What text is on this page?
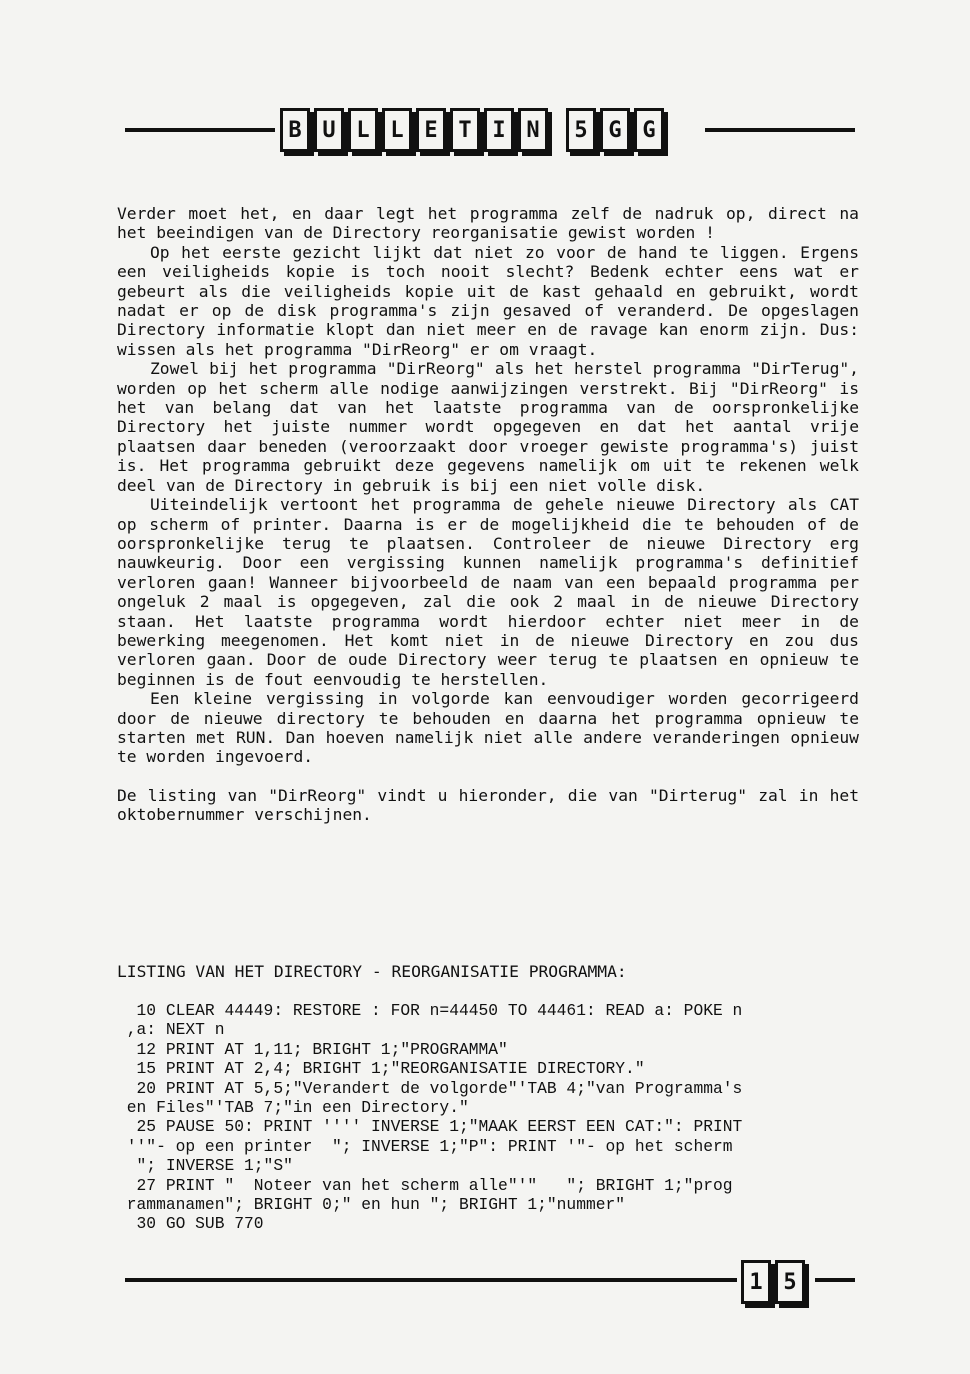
B U L L E T I N	5 G G

Verder moet het, en daar legt het programma zelf de nadruk op, direct na het beeindigen van de Directory reorganisatie gewist worden !

Op het eerste gezicht lijkt dat niet zo voor de hand te liggen. Ergens een veiligheids kopie is toch nooit slecht? Bedenk echter eens wat er gebeurt als die veiligheids kopie uit de kast gehaald en gebruikt, wordt nadat er op de disk programma's zijn gesaved of veranderd. De opgeslagen Directory informatie klopt dan niet meer en de ravage kan enorm zijn. Dus: wissen als het programma "DirReorg" er om vraagt.

Zowel bij het programma "DirReorg" als het herstel programma "DirTerug", worden op het scherm alle nodige aanwijzingen verstrekt. Bij "DirReorg" is het van belang dat van het laatste programma van de oorspronkelijke Directory het juiste nummer wordt opgegeven en dat het aantal vrije plaatsen daar beneden (veroorzaakt door vroeger gewiste programma's) juist is. Het programma gebruikt deze gegevens namelijk om uit te rekenen welk deel van de Directory in gebruik is bij een niet volle disk.

Uiteindelijk vertoont het programma de gehele nieuwe Directory als CAT op scherm of printer. Daarna is er de mogelijkheid die te behouden of de oorspronkelijke terug te plaatsen. Controleer de nieuwe Directory erg nauwkeurig. Door een vergissing kunnen namelijk programma's definitief verloren gaan! Wanneer bijvoorbeeld de naam van een bepaald programma per ongeluk 2 maal is opgegeven, zal die ook 2 maal in de nieuwe Directory staan. Het laatste programma wordt hierdoor echter niet meer in de bewerking meegenomen. Het komt niet in de nieuwe Directory en zou dus verloren gaan. Door de oude Directory weer terug te plaatsen en opnieuw te beginnen is de fout eenvoudig te herstellen.

Een kleine vergissing in volgorde kan eenvoudiger worden gecorrigeerd door de nieuwe directory te behouden en daarna het programma opnieuw te starten met RUN. Dan hoeven namelijk niet alle andere veranderingen opnieuw te worden ingevoerd.

De listing van "DirReorg" vindt u hieronder, die van "Dirterug" zal in het oktobernummer verschijnen.

LISTING VAN HET DIRECTORY - REORGANISATIE PROGRAMMA:
10 CLEAR 44449: RESTORE : FOR n=44450 TO 44461: READ a: POKE n
,a: NEXT n
12 PRINT AT 1,11; BRIGHT 1;"PROGRAMMA"
15 PRINT AT 2,4; BRIGHT 1;"REORGANISATIE DIRECTORY."
20 PRINT AT 5,5;"Verandert de volgorde"'TAB 4;"van Programma's
en Files"'TAB 7;"in een Directory."
25 PAUSE 50: PRINT '''' INVERSE 1;"MAAK EERST EEN CAT:": PRINT
''"- op een printer  "; INVERSE 1;"P": PRINT '"- op het scherm
"; INVERSE 1;"S"
27 PRINT "  Noteer van het scherm alle"'"   "; BRIGHT 1;"prog
rammanamen"; BRIGHT 0;" en hun "; BRIGHT 1;"nummer"
30 GO SUB 770
1 5
